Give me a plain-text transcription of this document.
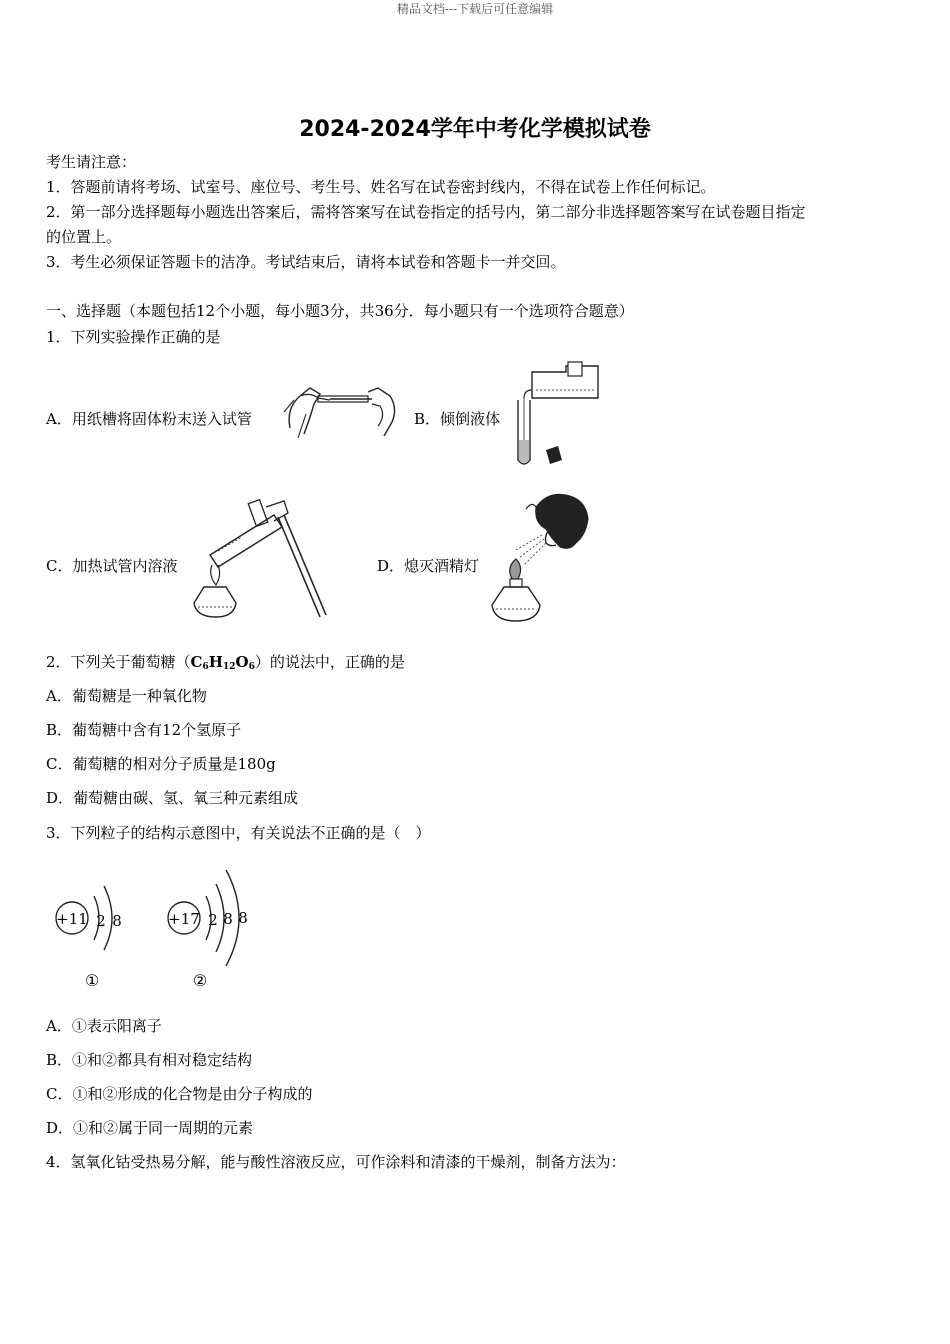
精品文档---下载后可任意编辑
2024-2024学年中考化学模拟试卷
考生请注意：
1．答题前请将考场、试室号、座位号、考生号、姓名写在试卷密封线内，不得在试卷上作任何标记。
2．第一部分选择题每小题选出答案后，需将答案写在试卷指定的括号内，第二部分非选择题答案写在试卷题目指定
的位置上。
3．考生必须保证答题卡的洁净。考试结束后，请将本试卷和答题卡一并交回。
一、选择题（本题包括12个小题，每小题3分，共36分．每小题只有一个选项符合题意）
1．下列实验操作正确的是
A．用纸槽将固体粉末送入试管	B．倾倒液体
C．加热试管内溶液	D．熄灭酒精灯
2．下列关于葡萄糖$(C_6H_{12}O_6)$的说法中，正确的是
A．葡萄糖是一种氧化物
B．葡萄糖中含有12个氢原子
C．葡萄糖的相对分子质量是180g
D．葡萄糖由碳、氢、氧三种元素组成
3．下列粒子的结构示意图中，有关说法不正确的是（　）
+11 2 8
①
+17 2 8 8
②
A．①表示阳离子
B．①和②都具有相对稳定结构
C．①和②形成的化合物是由分子构成的
D．①和②属于同一周期的元素
4．氢氧化钴受热易分解，能与酸性溶液反应，可作涂料和清漆的干燥剂，制备方法为：
